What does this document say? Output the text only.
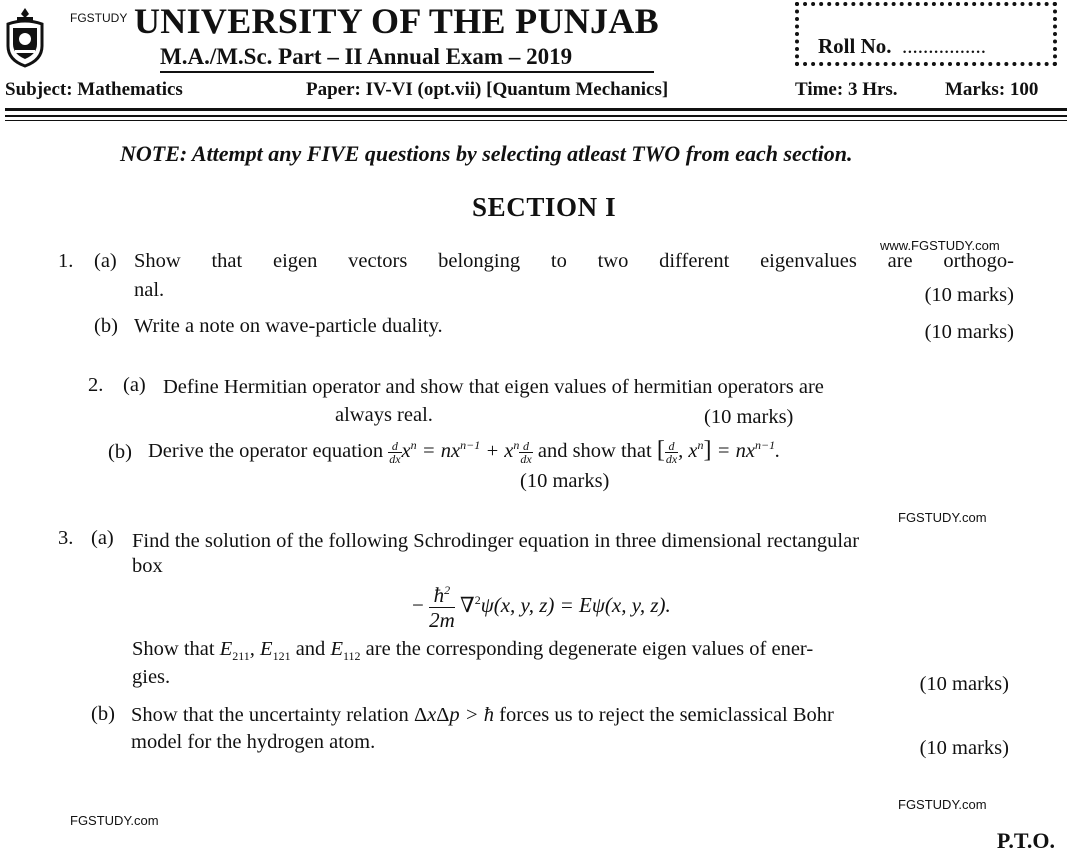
FGSTUDY UNIVERSITY OF THE PUNJAB
M.A./M.Sc. Part – II Annual Exam – 2019	Roll No. ................
Subject: Mathematics	Paper: IV-VI (opt.vii) [Quantum Mechanics]	Time: 3 Hrs. Marks: 100
NOTE: Attempt any FIVE questions by selecting atleast TWO from each section.
SECTION I
www.FGSTUDY.com
1. (a) Show that eigen vectors belonging to two different eigenvalues are orthogo-
nal.	(10 marks)
(b) Write a note on wave-particle duality.	(10 marks)
2. (a) Define Hermitian operator and show that eigen values of hermitian operators are
always real.	(10 marks)
(b) Derive the operator equation $\frac{d}{dx} x^n = nx^{n-1} + x^n \frac{d}{dx}$ and show that [ $\frac{d}{dx}$ , $x^n] = nx^{n-1}$.
(10 marks)
FGSTUDY.com
3. (a) Find the solution of the following Schrodinger equation in three dimensional rectangular
box
− $\frac{ħ^2}{2m} \nabla^2\psi(x$, y, z) = Eψ(x, y, z).
Show that $E_{211}$, $E_{121}$ and $E_{112}$ are the corresponding degenerate eigen values of ener-
gies.	(10 marks)
(b) Show that the uncertainty relation ΔxΔp > ħ forces us to reject the semiclassical Bohr
model for the hydrogen atom.	(10 marks)
FGSTUDY.com
FGSTUDY.com
P.T.O.
